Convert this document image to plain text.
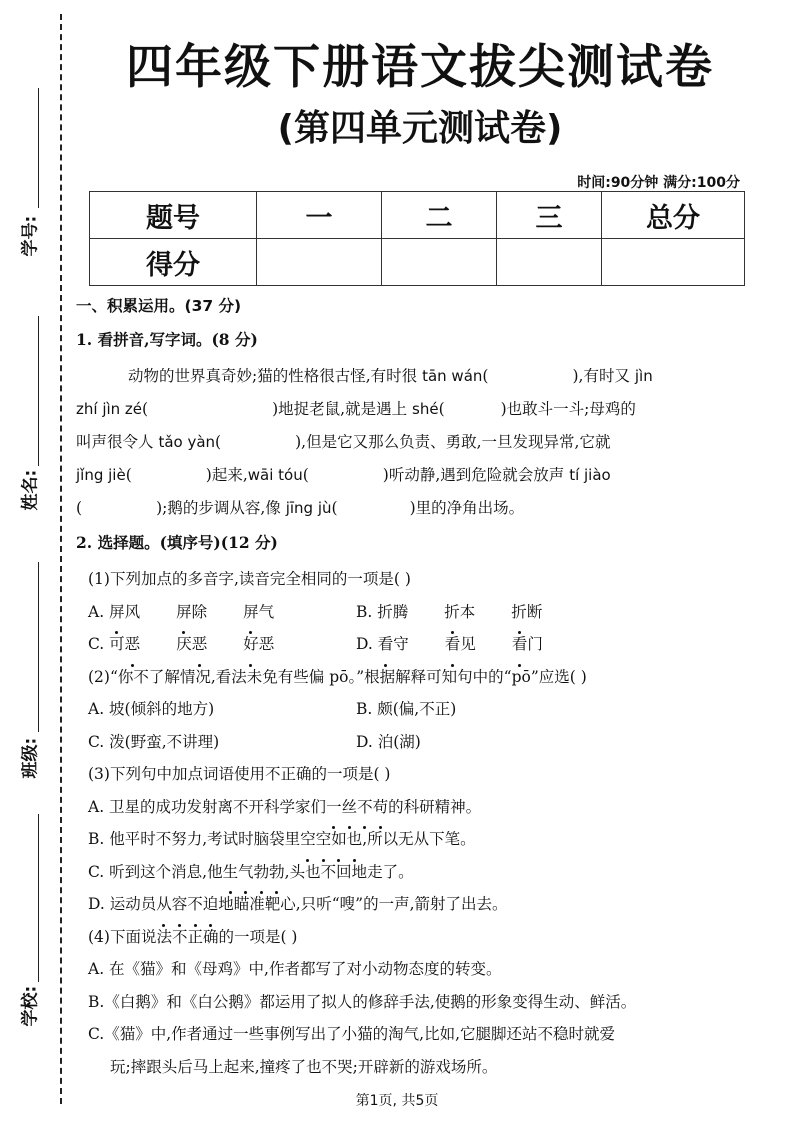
学号:
姓名:
班级:
学校:
四年级下册语文拔尖测试卷
(第四单元测试卷)
时间:90分钟 满分:100分
题号	一	二	三	总分
得分				
一、积累运用。(37 分)
1. 看拼音,写字词。(8 分)
动物的世界真奇妙;猫的性格很古怪,有时很 tān wán(	),有时又 jìn
zhí jìn zé(	)地捉老鼠,就是遇上 shé(	)也敢斗一斗;母鸡的
叫声很令人 tǎo yàn(	),但是它又那么负责、勇敢,一旦发现异常,它就
jǐng jiè(	)起来,wāi tóu(	)听动静,遇到危险就会放声 tí jiào
(	);鹅的步调从容,像 jīng jù(	)里的净角出场。
2. 选择题。(填序号)(12 分)
(1)下列加点的多音字,读音完全相同的一项是( )
A. 屏风 屏除 屏气	B. 折腾 折本 折断
C. 可恶 厌恶 好恶	D. 看守 看见 看门
(2)“你不了解情况,看法未免有些偏 pō。”根据解释可知句中的“pō”应选( )
A. 坡(倾斜的地方)	B. 颇(偏,不正)
C. 泼(野蛮,不讲理)	D. 泊(湖)
(3)下列句中加点词语使用不正确的一项是( )
A. 卫星的成功发射离不开科学家们一丝不苟的科研精神。
B. 他平时不努力,考试时脑袋里空空如也,所以无从下笔。
C. 听到这个消息,他生气勃勃,头也不回地走了。
D. 运动员从容不迫地瞄准靶心,只听“嗖”的一声,箭射了出去。
(4)下面说法不正确的一项是( )
A. 在《猫》和《母鸡》中,作者都写了对小动物态度的转变。
B.《白鹅》和《白公鹅》都运用了拟人的修辞手法,使鹅的形象变得生动、鲜活。
C.《猫》中,作者通过一些事例写出了小猫的淘气,比如,它腿脚还站不稳时就爱
玩;摔跟头后马上起来,撞疼了也不哭;开辟新的游戏场所。
第1页, 共5页
